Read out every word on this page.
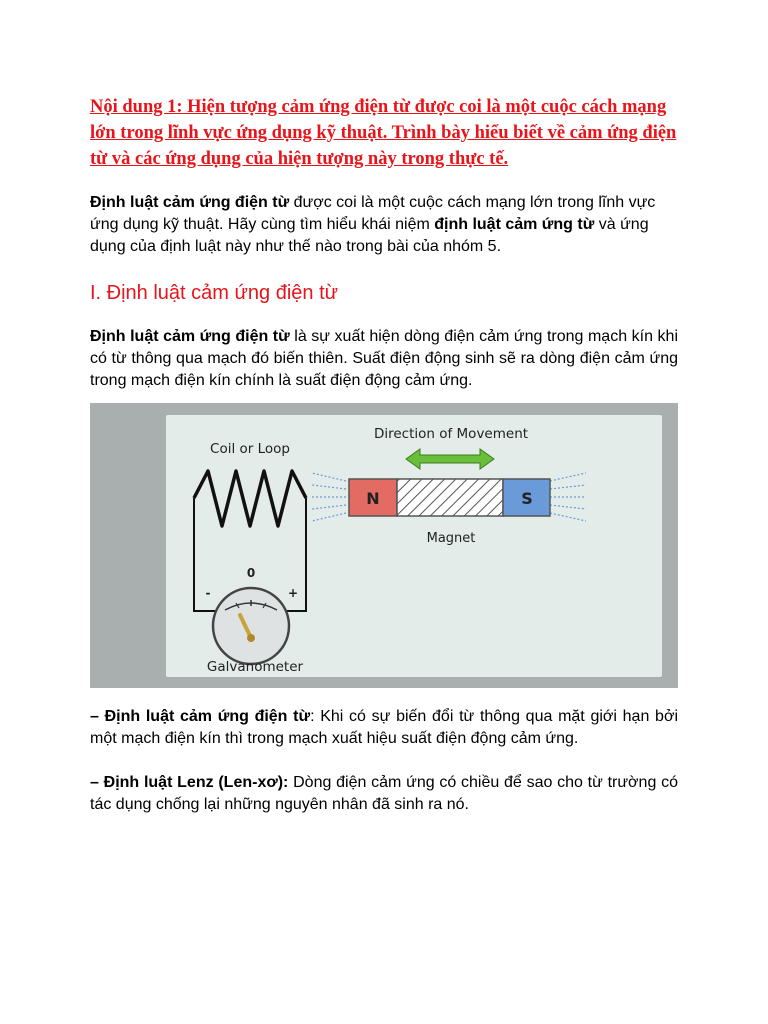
Nội dung 1: Hiện tượng cảm ứng điện từ được coi là một cuộc cách mạng lớn trong lĩnh vực ứng dụng kỹ thuật. Trình bày hiểu biết về cảm ứng điện từ và các ứng dụng của hiện tượng này trong thực tế.

Định luật cảm ứng điện từ được coi là một cuộc cách mạng lớn trong lĩnh vực ứng dụng kỹ thuật. Hãy cùng tìm hiểu khái niệm định luật cảm ứng từ và ứng dụng của định luật này như thế nào trong bài của nhóm 5.

I. Định luật cảm ứng điện từ

Định luật cảm ứng điện từ là sự xuất hiện dòng điện cảm ứng trong mạch kín khi có từ thông qua mạch đó biến thiên. Suất điện động sinh sẽ ra dòng điện cảm ứng trong mạch điện kín chính là suất điện động cảm ứng.

Coil or Loop
Direction of Movement
N	S
Magnet
0
-	+
Galvanometer

– Định luật cảm ứng điện từ: Khi có sự biến đổi từ thông qua mặt giới hạn bởi một mạch điện kín thì trong mạch xuất hiệu suất điện động cảm ứng.

– Định luật Lenz (Len-xơ): Dòng điện cảm ứng có chiều để sao cho từ trường có tác dụng chống lại những nguyên nhân đã sinh ra nó.
